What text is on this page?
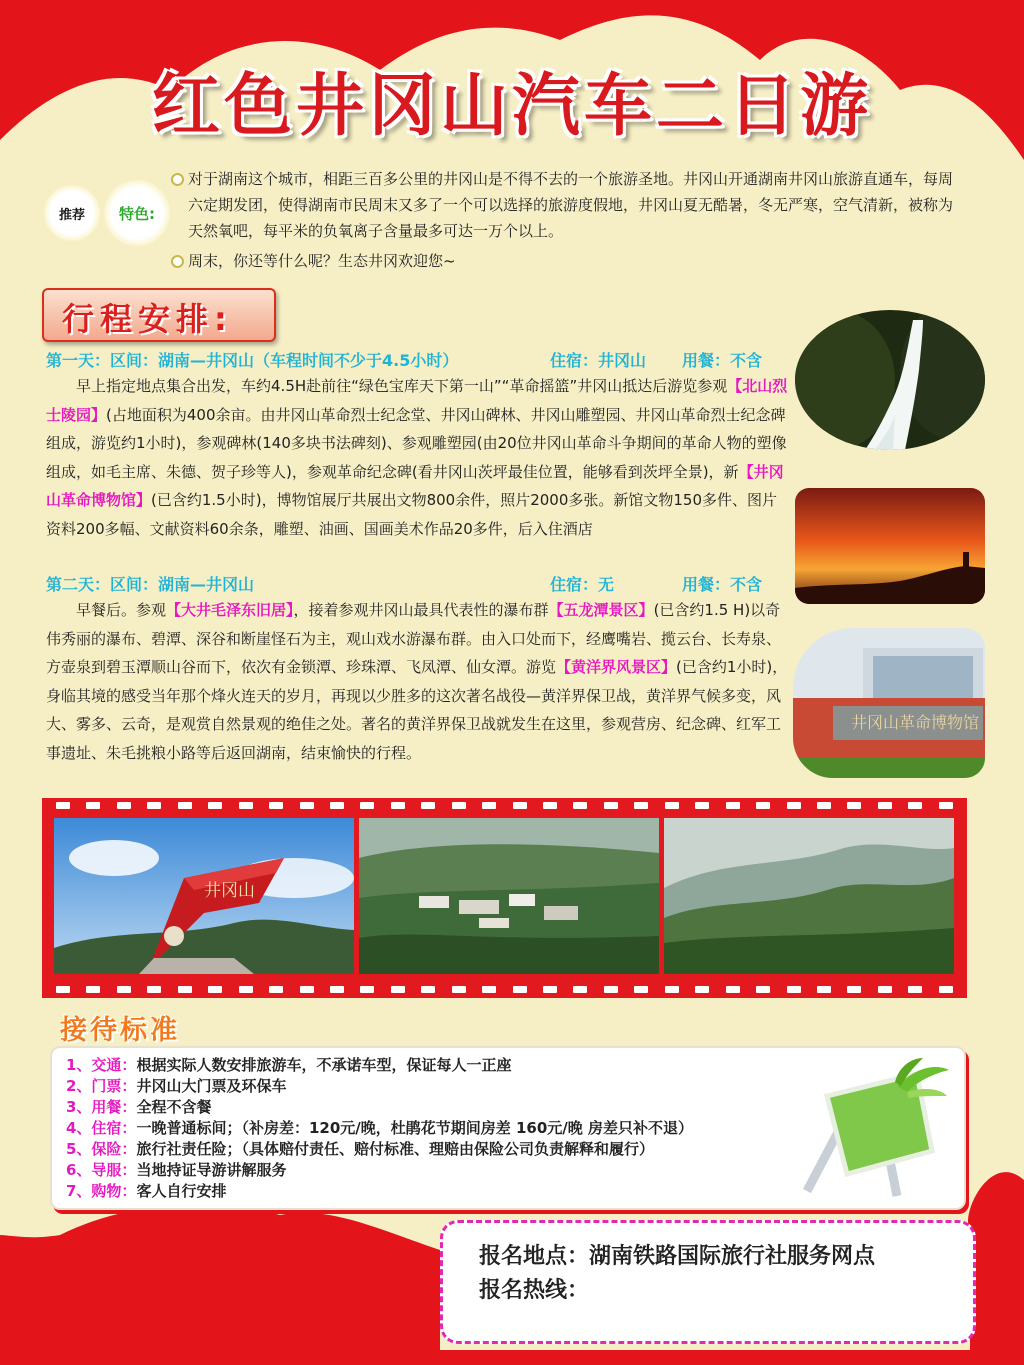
红色井冈山汽车二日游
推荐 特色:

对于湖南这个城市，相距三百多公里的井冈山是不得不去的一个旅游圣地。井冈山开通湖南井冈山旅游直通车，每周六定期发团，使得湖南市民周末又多了一个可以选择的旅游度假地，井冈山夏无酷暑，冬无严寒，空气清新，被称为天然氧吧，每平米的负氧离子含量最多可达一万个以上。

周末，你还等什么呢？生态井冈欢迎您~

行程安排:
第一天：区间：湖南—井冈山（车程时间不少于4.5小时）	住宿：井冈山 用餐：不含
早上指定地点集合出发，车约4.5H赴前往“绿色宝库天下第一山”“革命摇篮”井冈山抵达后游览参观【北山烈士陵园】(占地面积为400余亩。由井冈山革命烈士纪念堂、井冈山碑林、井冈山雕塑园、井冈山革命烈士纪念碑组成，游览约1小时)，参观碑林(140多块书法碑刻)、参观雕塑园(由20位井冈山革命斗争期间的革命人物的塑像组成，如毛主席、朱德、贺子珍等人)，参观革命纪念碑(看井冈山茨坪最佳位置，能够看到茨坪全景)，新【井冈山革命博物馆】(已含约1.5小时)，博物馆展厅共展出文物800余件，照片2000多张。新馆文物150多件、图片资料200多幅、文献资料60余条，雕塑、油画、国画美术作品20多件，后入住酒店
第二天：区间：湖南—井冈山	住宿：无	用餐：不含
早餐后。参观【大井毛泽东旧居】，接着参观井冈山最具代表性的瀑布群【五龙潭景区】(已含约1.5 H)以奇伟秀丽的瀑布、碧潭、深谷和断崖怪石为主，观山戏水游瀑布群。由入口处而下，经鹰嘴岩、揽云台、长寿泉、方壶泉到碧玉潭顺山谷而下，依次有金锁潭、珍珠潭、飞凤潭、仙女潭。游览【黄洋界风景区】(已含约1小时)，身临其境的感受当年那个烽火连天的岁月，再现以少胜多的这次著名战役—黄洋界保卫战，黄洋界气候多变，风大、雾多、云奇，是观赏自然景观的绝佳之处。著名的黄洋界保卫战就发生在这里，参观营房、纪念碑、红军工事遗址、朱毛挑粮小路等后返回湖南，结束愉快的行程。
井冈山革命博物馆
井冈山
接待标准
1、交通：根据实际人数安排旅游车，不承诺车型，保证每人一正座
2、门票：井冈山大门票及环保车
3、用餐：全程不含餐
4、住宿：一晚普通标间；（补房差：120元/晚，杜鹃花节期间房差 160元/晚 房差只补不退）
5、保险：旅行社责任险；（具体赔付责任、赔付标准、理赔由保险公司负责解释和履行）
6、导服：当地持证导游讲解服务
7、购物：客人自行安排
报名地点：湖南铁路国际旅行社服务网点
报名热线：
